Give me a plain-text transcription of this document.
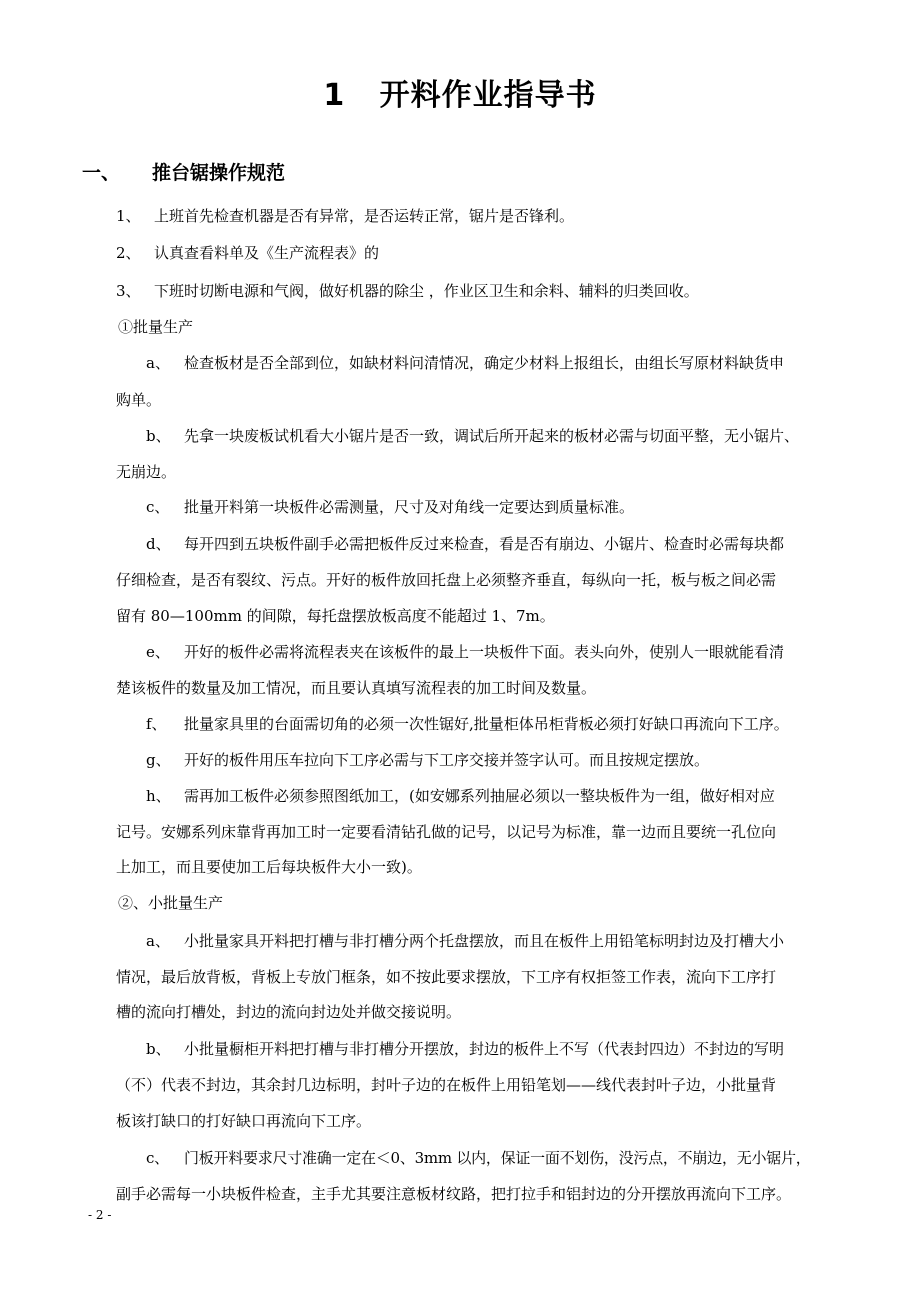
1   开料作业指导书
一、 推台锯操作规范
1、 上班首先检查机器是否有异常，是否运转正常，锯片是否锋利。
2、 认真查看料单及《生产流程表》的
3、 下班时切断电源和气阀，做好机器的除尘 ，作业区卫生和余料、辅料的归类回收。
①批量生产
a、 检查板材是否全部到位，如缺材料问清情况，确定少材料上报组长，由组长写原材料缺货申
购单。
b、 先拿一块废板试机看大小锯片是否一致，调试后所开起来的板材必需与切面平整，无小锯片、
无崩边。
c、 批量开料第一块板件必需测量，尺寸及对角线一定要达到质量标准。
d、 每开四到五块板件副手必需把板件反过来检查，看是否有崩边、小锯片、检查时必需每块都
仔细检查，是否有裂纹、污点。开好的板件放回托盘上必须整齐垂直，每纵向一托，板与板之间必需
留有 80—100mm 的间隙，每托盘摆放板高度不能超过 1、7m。
e、 开好的板件必需将流程表夹在该板件的最上一块板件下面。表头向外，使别人一眼就能看清
楚该板件的数量及加工情况，而且要认真填写流程表的加工时间及数量。
f、 批量家具里的台面需切角的必须一次性锯好,批量柜体吊柜背板必须打好缺口再流向下工序。
g、 开好的板件用压车拉向下工序必需与下工序交接并签字认可。而且按规定摆放。
h、 需再加工板件必须参照图纸加工，(如安娜系列抽屉必须以一整块板件为一组，做好相对应
记号。安娜系列床靠背再加工时一定要看清钻孔做的记号，以记号为标准，靠一边而且要统一孔位向
上加工，而且要使加工后每块板件大小一致)。
②、小批量生产
a、 小批量家具开料把打槽与非打槽分两个托盘摆放，而且在板件上用铅笔标明封边及打槽大小
情况，最后放背板，背板上专放门框条，如不按此要求摆放，下工序有权拒签工作表，流向下工序打
槽的流向打槽处，封边的流向封边处并做交接说明。
b、 小批量橱柜开料把打槽与非打槽分开摆放，封边的板件上不写（代表封四边）不封边的写明
（不）代表不封边，其余封几边标明，封叶子边的在板件上用铅笔划——线代表封叶子边，小批量背
板该打缺口的打好缺口再流向下工序。
c、 门板开料要求尺寸准确一定在＜0、3mm 以内，保证一面不划伤，没污点，不崩边，无小锯片，
副手必需每一小块板件检查，主手尤其要注意板材纹路，把打拉手和铝封边的分开摆放再流向下工序。
- 2 -
